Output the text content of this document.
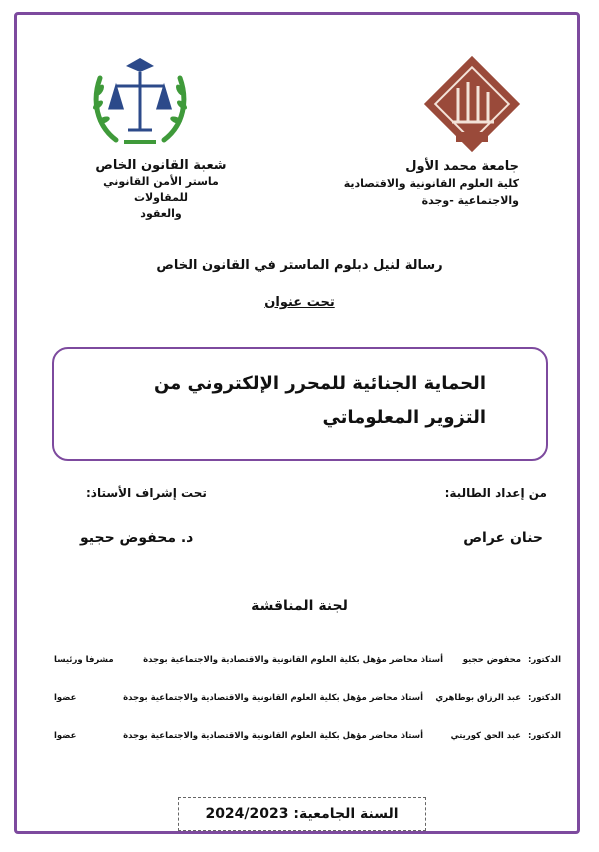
جامعة محمد الأول
كلية العلوم القانونية والاقتصادية
والاجتماعية -وجدة
شعبة القانون الخاص
ماستر الأمن القانوني للمقاولات
والعقود
رسالة لنيل دبلوم الماستر في القانون الخاص
تحت عنوان
الحماية الجنائية للمحرر الإلكتروني من التزوير المعلوماتي
من إعداد الطالبة:
تحت إشراف الأستاذ:
حنان عراص
د. محفوض حجيو
لجنة المناقشة
الدكتور:
محفوض حجيو
أستاذ محاضر مؤهل بكلية العلوم القانونية والاقتصادية والاجتماعية بوجدة
مشرفا ورئيسا
الدكتور:
عبد الرزاق بوطاهري
أستاذ محاضر مؤهل بكلية العلوم القانونية والاقتصادية والاجتماعية بوجدة
عضوا
الدكتور:
عبد الحق كوريتي
أستاذ محاضر مؤهل بكلية العلوم القانونية والاقتصادية والاجتماعية بوجدة
عضوا
السنة الجامعية: 2024/2023
